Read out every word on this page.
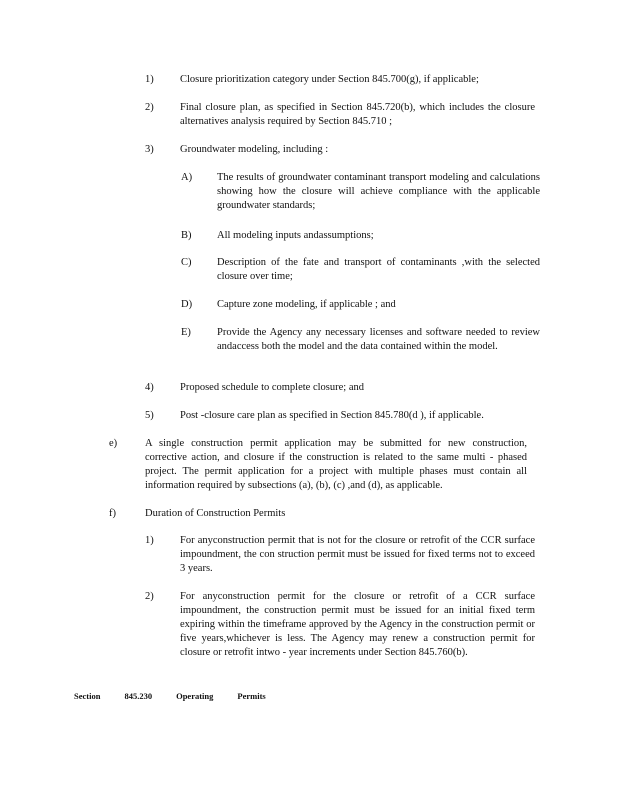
1)	Closure prioritization category under Section 845.700(g), if applicable;
2)	Final closure plan, as specified in Section 845.720(b), which includes the closure alternatives analysis required by Section 845.710 ;
3)	Groundwater modeling, including :
A) The results of groundwater contaminant transport modeling and calculations showing how the closure will achieve compliance with the applicable groundwater standards;
B) All modeling inputs andassumptions;
C) Description of the fate and transport of contaminants ,with the selected closure over time;
D) Capture zone modeling, if applicable ; and
E) Provide the Agency any necessary licenses and software needed to review andaccess both the model and the data contained within the model.
4)	Proposed schedule to complete closure; and
5)	Post -closure care plan as specified in Section 845.780(d ), if applicable.
e)	A single construction permit application may be submitted for new construction, corrective action, and closure if the construction is related to the same multi - phased project. The permit application for a project with multiple phases must contain all information required by subsections (a), (b), (c) ,and (d), as applicable.
f)	Duration of Construction Permits
1)	For anyconstruction permit that is not for the closure or retrofit of the CCR surface impoundment, the con struction permit must be issued for fixed terms not to exceed 3 years.
2)	For anyconstruction permit for the closure or retrofit of a CCR surface impoundment, the construction permit must be issued for an initial fixed term expiring within the timeframe approved by the Agency in the construction permit or five years,whichever is less. The Agency may renew a construction permit for closure or retrofit intwo - year increments under Section 845.760(b).
Section	845.230	Operating	Permits
